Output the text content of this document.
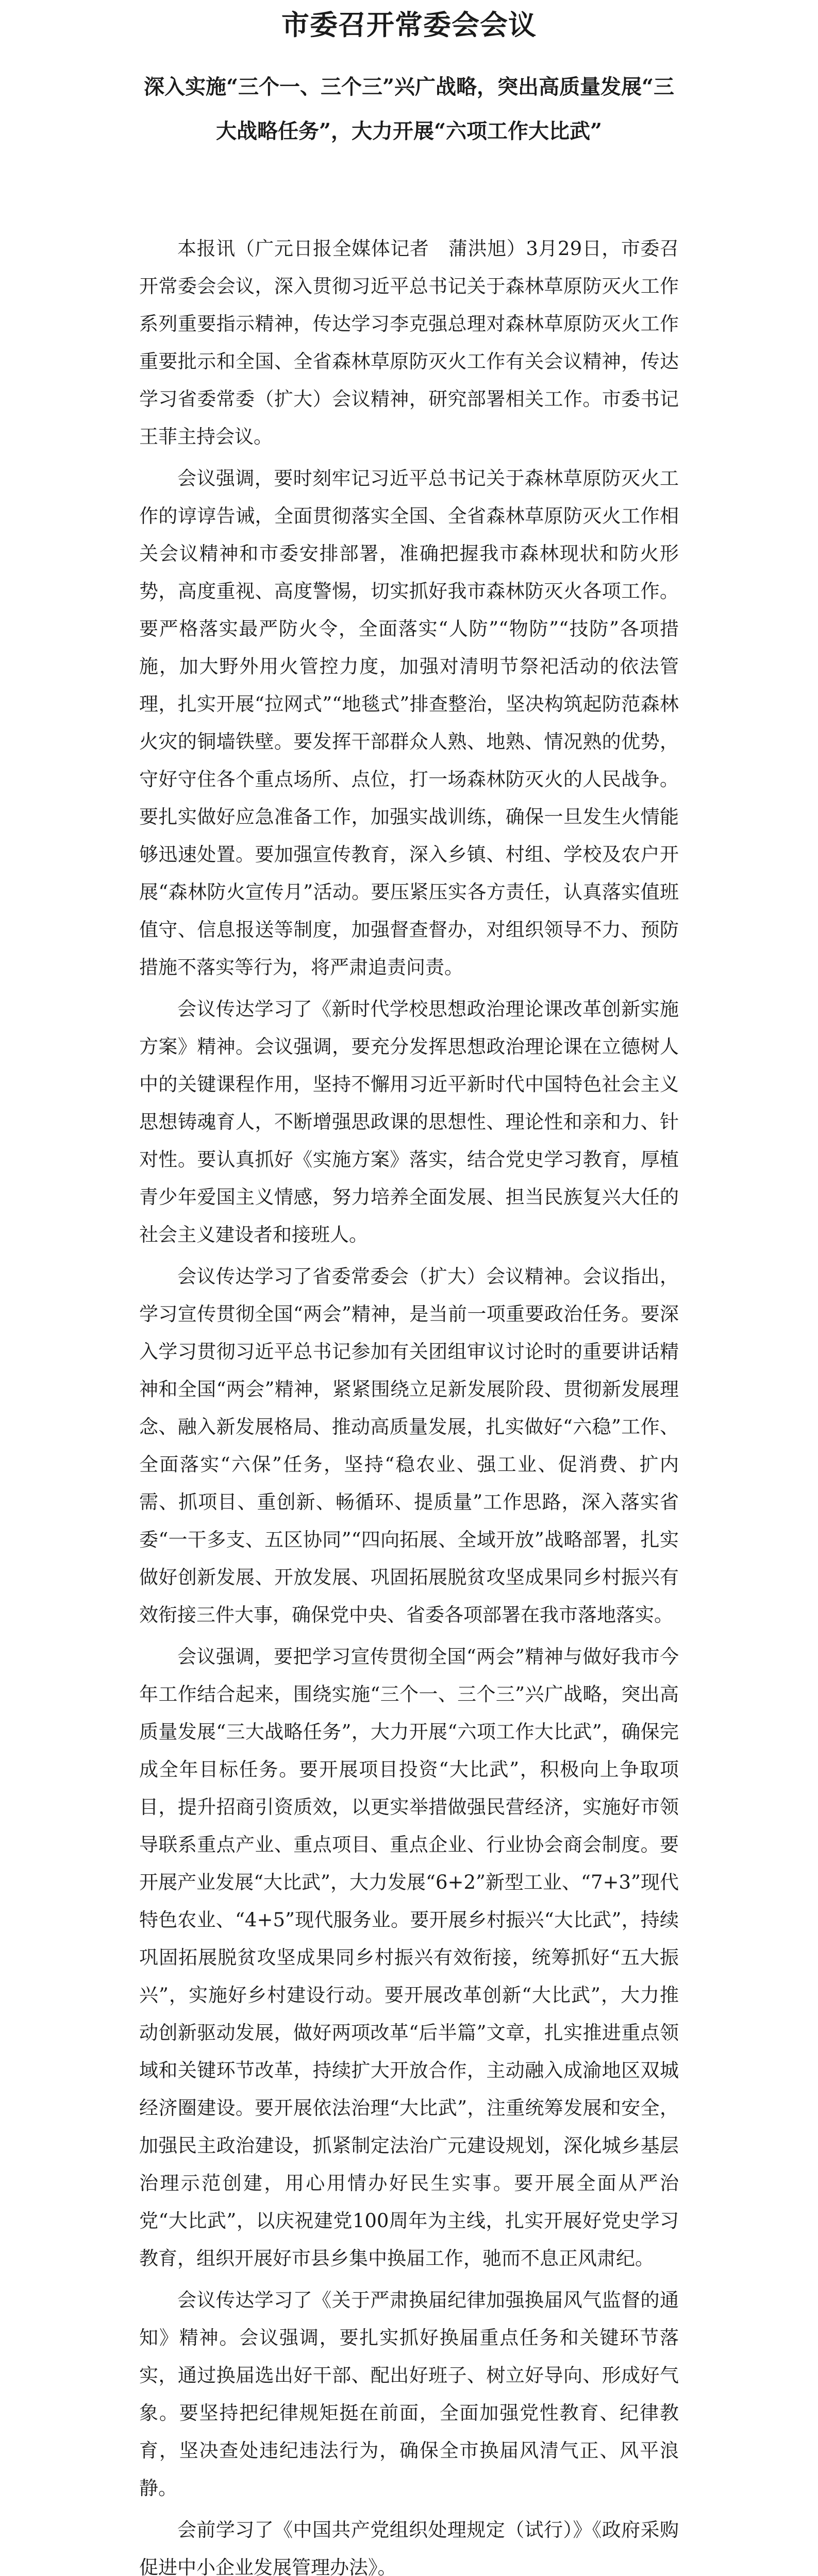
市委召开常委会会议
深入实施“三个一、三个三”兴广战略，突出高质量发展“三大战略任务”，大力开展“六项工作大比武”

本报讯（广元日报全媒体记者　蒲洪旭）3月29日，市委召开常委会会议，深入贯彻习近平总书记关于森林草原防灭火工作系列重要指示精神，传达学习李克强总理对森林草原防灭火工作重要批示和全国、全省森林草原防灭火工作有关会议精神，传达学习省委常委（扩大）会议精神，研究部署相关工作。市委书记王菲主持会议。

会议强调，要时刻牢记习近平总书记关于森林草原防灭火工作的谆谆告诫，全面贯彻落实全国、全省森林草原防灭火工作相关会议精神和市委安排部署，准确把握我市森林现状和防火形势，高度重视、高度警惕，切实抓好我市森林防灭火各项工作。要严格落实最严防火令，全面落实“人防”“物防”“技防”各项措施，加大野外用火管控力度，加强对清明节祭祀活动的依法管理，扎实开展“拉网式”“地毯式”排查整治，坚决构筑起防范森林火灾的铜墙铁壁。要发挥干部群众人熟、地熟、情况熟的优势，守好守住各个重点场所、点位，打一场森林防灭火的人民战争。要扎实做好应急准备工作，加强实战训练，确保一旦发生火情能够迅速处置。要加强宣传教育，深入乡镇、村组、学校及农户开展“森林防火宣传月”活动。要压紧压实各方责任，认真落实值班值守、信息报送等制度，加强督查督办，对组织领导不力、预防措施不落实等行为，将严肃追责问责。

会议传达学习了《新时代学校思想政治理论课改革创新实施方案》精神。会议强调，要充分发挥思想政治理论课在立德树人中的关键课程作用，坚持不懈用习近平新时代中国特色社会主义思想铸魂育人，不断增强思政课的思想性、理论性和亲和力、针对性。要认真抓好《实施方案》落实，结合党史学习教育，厚植青少年爱国主义情感，努力培养全面发展、担当民族复兴大任的社会主义建设者和接班人。

会议传达学习了省委常委会（扩大）会议精神。会议指出，学习宣传贯彻全国“两会”精神，是当前一项重要政治任务。要深入学习贯彻习近平总书记参加有关团组审议讨论时的重要讲话精神和全国“两会”精神，紧紧围绕立足新发展阶段、贯彻新发展理念、融入新发展格局、推动高质量发展，扎实做好“六稳”工作、全面落实“六保”任务，坚持“稳农业、强工业、促消费、扩内需、抓项目、重创新、畅循环、提质量”工作思路，深入落实省委“一干多支、五区协同”“四向拓展、全域开放”战略部署，扎实做好创新发展、开放发展、巩固拓展脱贫攻坚成果同乡村振兴有效衔接三件大事，确保党中央、省委各项部署在我市落地落实。

会议强调，要把学习宣传贯彻全国“两会”精神与做好我市今年工作结合起来，围绕实施“三个一、三个三”兴广战略，突出高质量发展“三大战略任务”，大力开展“六项工作大比武”，确保完成全年目标任务。要开展项目投资“大比武”，积极向上争取项目，提升招商引资质效，以更实举措做强民营经济，实施好市领导联系重点产业、重点项目、重点企业、行业协会商会制度。要开展产业发展“大比武”，大力发展“6+2”新型工业、“7+3”现代特色农业、“4+5”现代服务业。要开展乡村振兴“大比武”，持续巩固拓展脱贫攻坚成果同乡村振兴有效衔接，统筹抓好“五大振兴”，实施好乡村建设行动。要开展改革创新“大比武”，大力推动创新驱动发展，做好两项改革“后半篇”文章，扎实推进重点领域和关键环节改革，持续扩大开放合作，主动融入成渝地区双城经济圈建设。要开展依法治理“大比武”，注重统筹发展和安全，加强民主政治建设，抓紧制定法治广元建设规划，深化城乡基层治理示范创建，用心用情办好民生实事。要开展全面从严治党“大比武”，以庆祝建党100周年为主线，扎实开展好党史学习教育，组织开展好市县乡集中换届工作，驰而不息正风肃纪。

会议传达学习了《关于严肃换届纪律加强换届风气监督的通知》精神。会议强调，要扎实抓好换届重点任务和关键环节落实，通过换届选出好干部、配出好班子、树立好导向、形成好气象。要坚持把纪律规矩挺在前面，全面加强党性教育、纪律教育，坚决查处违纪违法行为，确保全市换届风清气正、风平浪静。

会前学习了《中国共产党组织处理规定（试行）》《政府采购促进中小企业发展管理办法》。
